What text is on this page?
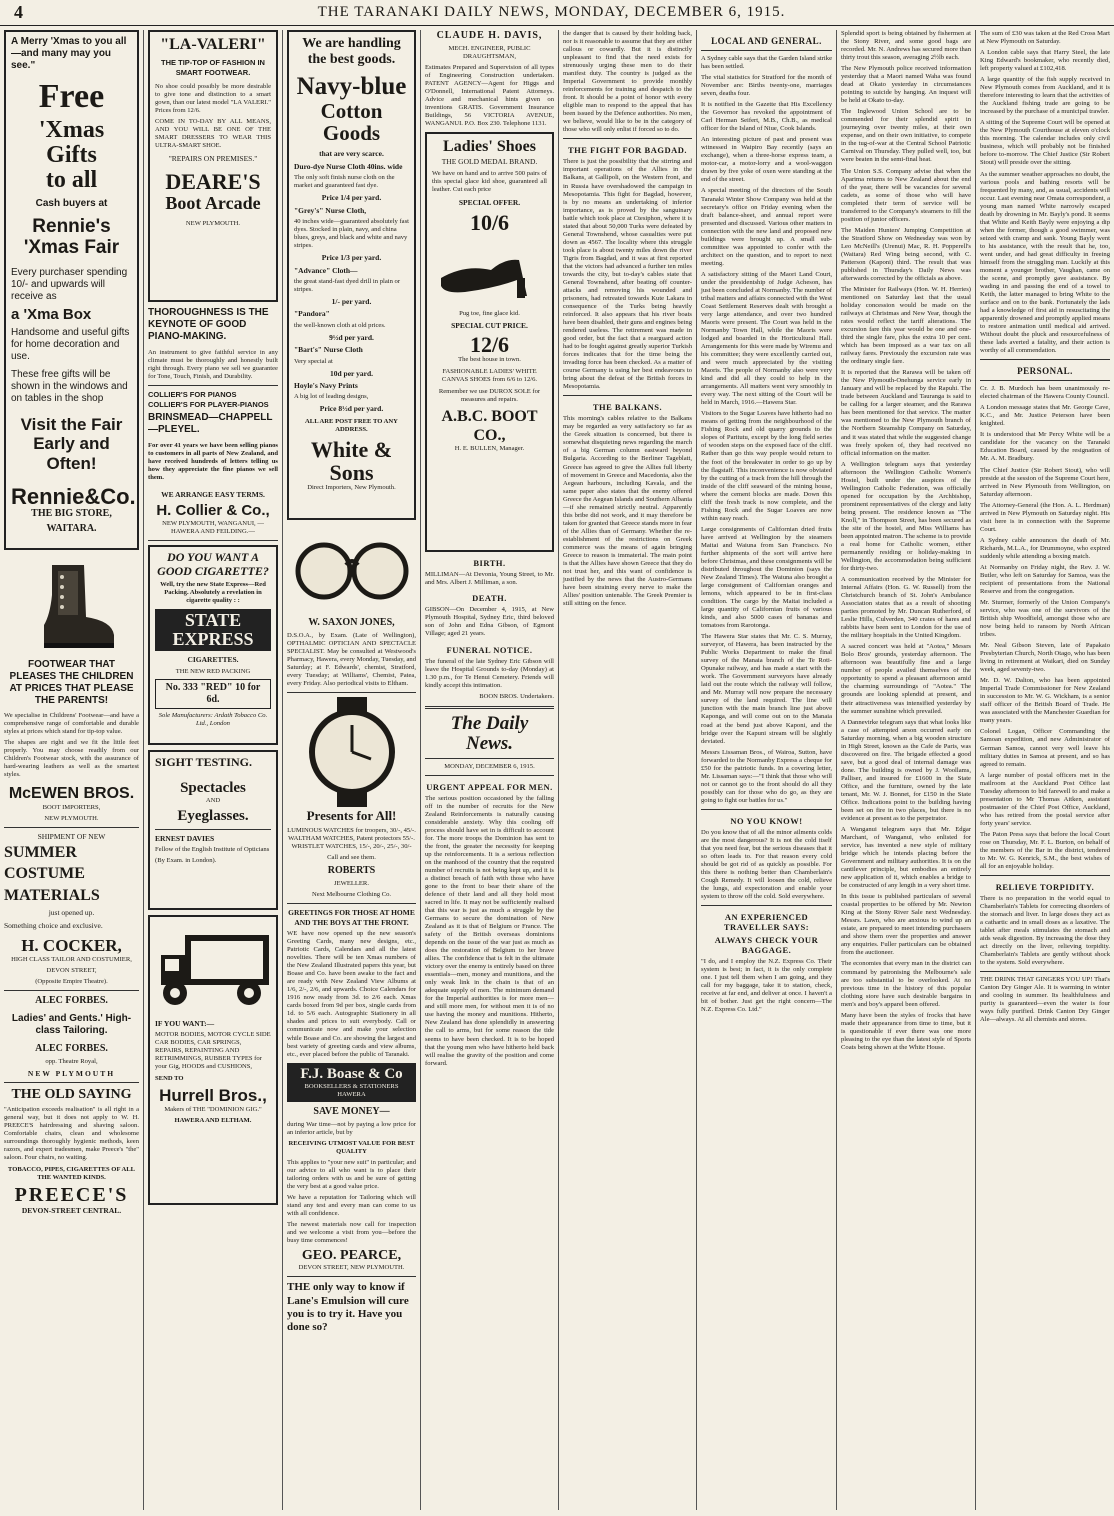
4	THE TARANAKI DAILY NEWS, MONDAY, DECEMBER 6, 1915.

A Merry 'Xmas to you all—and many may you see."

Free
'Xmas Gifts
to all

Cash buyers at

Rennie's
'Xmas Fair

Every purchaser spending 10/- and upwards will receive as

a 'Xma Box

Handsome and useful gifts for home decoration and use.

These free gifts will be shown in the windows and on tables in the shop

Visit the Fair
Early and Often!
Rennie&Co.

THE BIG STORE,

WAITARA.

FOOTWEAR THAT PLEASES THE CHILDREN AT PRICES THAT PLEASE THE PARENTS!

We specialise in Childrens' Footwear—and have a comprehensive range of comfortable and durable styles at prices which stand for tip-top value.

The shapes are right and we fit the little feet properly. You may choose readily from our Children's Footwear stock, with the assurance of hard-wearing leathers as well as the smartest styles.

McEWEN BROS.

BOOT IMPORTERS,

NEW PLYMOUTH.

SHIPMENT OF NEW

SUMMER

COSTUME

MATERIALS

just opened up.

Something choice and exclusive.

H. COCKER,

HIGH CLASS TAILOR AND COSTUMIER,

DEVON STREET,

(Opposite Empire Theatre).

ALEC FORBES.

Ladies' and Gents.' High-class Tailoring.

ALEC FORBES.

opp. Theatre Royal,

NEW PLYMOUTH

THE OLD SAYING

"Anticipation exceeds realisation" is all right in a general way, but it does not apply to W. H. PREECE'S hairdressing and shaving saloon. Comfortable chairs, clean and wholesome surroundings thoroughly hygienic methods, keen razors, and expert tradesmen, make Preece's "the" saloon. Four chairs, no waiting.

TOBACCO, PIPES, CIGARETTES OF ALL THE WANTED KINDS.

PREECE'S

DEVON-STREET CENTRAL.

"LA-VALERI"

THE TIP-TOP OF FASHION IN SMART FOOTWEAR.

No shoe could possibly be more desirable to give tone and distinction to a smart gown, than our latest model "LA VALERI." Prices from 12/6.

COME IN TO-DAY BY ALL MEANS, AND YOU WILL BE ONE OF THE SMART DRESSERS TO WEAR THIS ULTRA-SMART SHOE.

"REPAIRS ON PREMISES."

DEARE'S
Boot Arcade

NEW PLYMOUTH.

THOROUGHNESS IS THE KEYNOTE OF GOOD PIANO-MAKING.

An instrument to give faithful service in any climate must be thoroughly and honestly built right through. Every piano we sell we guarantee for Tone, Touch, Finish, and Durability.

COLLIER'S FOR PIANOS COLLIER'S FOR PLAYER-PIANOS

BRINSMEAD—CHAPPELL—PLEYEL.

For over 41 years we have been selling pianos to customers in all parts of New Zealand, and have received hundreds of letters telling us how they appreciate the fine pianos we sell them.

WE ARRANGE EASY TERMS.

H. Collier & Co.,

NEW PLYMOUTH, WANGANUI, —HAWERA AND FEILDING.—

DO YOU WANT A GOOD CIGARETTE?

Well, try the new State Express—Red Packing. Absolutely a revelation in cigarette quality : :

STATE EXPRESS

CIGARETTES.

THE NEW RED PACKING

No. 333 "RED" 10 for 6d.

Sole Manufacturers: Ardath Tobacco Co. Ltd., London

SIGHT TESTING.

Spectacles

AND

Eyeglasses.

ERNEST DAVIES

Fellow of the English Institute of Opticians

(By Exam. in London).

IF YOU WANT:—

MOTOR BODIES, MOTOR CYCLE SIDE CAR BODIES, CAR SPRINGS, REPAIRS, REPAINTING AND RETRIMMINGS, RUBBER TYPES for your Gig, HOODS and CUSHIONS,

SEND TO

Hurrell Bros.,

Makers of THE "DOMINION GIG."

HAWERA AND ELTHAM.

We are handling the best goods.
Navy-blue
Cotton Goods

that are very scarce.

Duro-dye Nurse Cloth 40ins. wide

The only soft finish nurse cloth on the market and guaranteed fast dye.

Price 1/4 per yard.

"Grey's" Nurse Cloth,

40 inches wide—guaranteed absolutely fast dyes. Stocked in plain, navy, and china blues, greys, and black and white and navy stripes.

Price 1/3 per yard.

"Advance" Cloth—

the great stand-fast dyed drill in plain or stripes.

1/- per yard.

"Pandora"

the well-known cloth at old prices.

9½d per yard.

"Bart's" Nurse Cloth

Very special at

10d per yard.

Hoyle's Navy Prints

A big lot of leading designs,

Price 8½d per yard.

ALL ARE POST FREE TO ANY ADDRESS.

White & Sons

Direct Importers, New Plymouth.

W. SAXON JONES,

D.S.O.A., by Exam. (Late of Wellington), OPTHALMIC OPTICIAN AND SPECTACLE SPECIALIST. May be consulted at Westwood's Pharmacy, Hawera, every Monday, Tuesday, and Saturday; at F. Edwards', chemist, Stratford, every Tuesday; at Williams', Chemist, Patea, every Friday. Also periodical visits to Eltham.

Presents for All!

LUMINOUS WATCHES for troopers, 30/-, 45/-. WALTHAM WATCHES, Patent protectors 55/-. WRISTLET WATCHES, 15/-, 20/-, 25/-, 30/-

Call and see them.

ROBERTS

JEWELLER.

Next Melbourne Clothing Co.

GREETINGS FOR THOSE AT HOME AND THE BOYS AT THE FRONT.

WE have now opened up the new season's Greeting Cards, many new designs, etc., Patriotic Cards, Calendars and all the latest novelties. There will be ten Xmas numbers of the New Zealand Illustrated papers this year, but Boase and Co. have been awake to the fact and are ready with New Zealand View Albums at 1/6, 2/-, 2/6, and upwards. Choice Calendars for 1916 now ready from 3d. to 2/6 each. Xmas cards boxed from 9d per box, single cards from 1d. to 5/6 each. Autographic Stationery in all shades and prices to suit everybody. Call or communicate now and make your selection while Boase and Co. are showing the largest and best variety of greeting cards and view albums, etc., ever placed before the public of Taranaki.

F.J. Boase & Co
BOOKSELLERS & STATIONERS HAWERA

SAVE MONEY—

during War time—not by paying a low price for an inferior article, but by

RECEIVING UTMOST VALUE FOR BEST QUALITY

This applies to "your new suit" in particular; and our advice to all who want is to place their tailoring orders with us and be sure of getting the very best at a good value price.

We have a reputation for Tailoring which will stand any test and every man can come to us with all confidence.

The newest materials now call for inspection and we welcome a visit from you—before the busy time commences!

GEO. PEARCE,

DEVON STREET, NEW PLYMOUTH.

THE only way to know if Lane's Emulsion will cure you is to try it. Have you done so?

CLAUDE H. DAVIS,

MECH. ENGINEER, PUBLIC DRAUGHTSMAN,

Estimates Prepared and Supervision of all types of Engineering Construction undertaken. PATENT AGENCY—Agent for Higgs and O'Donnell, International Patent Attorneys. Advice and mechanical hints given on inventions GRATIS. Government Insurance Buildings, 56 VICTORIA AVENUE, WANGANUI. P.O. Box 230. Telephone 1131.

Ladies' Shoes

THE GOLD MEDAL BRAND.

We have on hand and to arrive 500 pairs of this special glace kid shoe, guaranteed all leather. Cut each price

SPECIAL OFFER.

10/6

Pug toe, fine glace kid.

SPECIAL CUT PRICE.

12/6

The best house in town.

FASHIONABLE LADIES' WHITE CANVAS SHOES from 6/6 to 12/6.

Remember we use DUROX SOLE for measures and repairs.

A.B.C. BOOT CO.,

H. E. BULLEN, Manager.

BIRTH.

MILLIMAN—At Devonia, Young Street, to Mr. and Mrs. Albert J. Milliman, a son.

DEATH.

GIBSON—On December 4, 1915, at New Plymouth Hospital, Sydney Eric, third beloved son of John and Edna Gibson, of Egmont Village; aged 21 years.

FUNERAL NOTICE.

The funeral of the late Sydney Eric Gibson will leave the Hospital Grounds to-day (Monday) at 1.30 p.m., for Te Henui Cemetery. Friends will kindly accept this intimation.

BOON BROS. Undertakers.

The Daily News.

MONDAY, DECEMBER 6, 1915.

URGENT APPEAL FOR MEN.

The serious position occasioned by the falling off in the number of recruits for the New Zealand Reinforcements is naturally causing considerable anxiety. Why this cooling off process should have set in is difficult to account for. The more troops the Dominion has sent to the front, the greater the necessity for keeping up the reinforcements. It is a serious reflection on the manhood of the country that the required number of recruits is not being kept up, and it is a distinct breach of faith with those who have gone to the front to bear their share of the defence of their land and all they hold most sacred in life. It may not be sufficiently realised that this war is just as much a struggle by the Germans to secure the domination of New Zealand as it is that of Belgium or France. The safety of the British overseas dominions depends on the issue of the war just as much as does the restoration of Belgium to her brave allies. The confidence that is felt in the ultimate victory over the enemy is entirely based on three essentials—men, money and munitions, and the only weak link in the chain is that of an adequate supply of men. The minimum demand for the Imperial authorities is for more men—and still more men, for without men it is of no use having the money and munitions. Hitherto, New Zealand has done splendidly in answering the call to arms, but for some reason the tide seems to have been checked. It is to be hoped that the young men who have hitherto held back will realise the gravity of the position and come forward.

the danger that is caused by their holding back, nor is it reasonable to assume that they are either callous or cowardly. But it is distinctly unpleasant to find that the need exists for strenuously urging these men to do their manifest duty. The country is judged as the Imperial Government to provide monthly reinforcements for training and despatch to the front. It should be a point of honor with every eligible man to respond to the appeal that has been issued by the Defence authorities. No men, we believe, would like to be in the category of those who will only enlist if forced so to do.

THE FIGHT FOR BAGDAD.

There is just the possibility that the stirring and important operations of the Allies in the Balkans, at Gallipoli, on the Western front, and in Russia have overshadowed the campaign in Mesopotamia. This fight for Bagdad, however, is by no means an undertaking of inferior importance, as is proved by the sanguinary battle which took place at Ctesiphon, where it is stated that about 50,000 Turks were defeated by General Townshend, whose casualties were put down as 4567. The locality where this struggle took place is about twenty miles down the river Tigris from Bagdad, and it was at first reported that the victors had advanced a further ten miles towards the city, but to-day's cables state that General Townshend, after beating off counter-attacks and removing his wounded and prisoners, had retreated towards Kute Lakara in consequence of the Turks being heavily reinforced. It also appears that his river boats have been disabled, their guns and engines being rendered useless. The retirement was made in good order, but the fact that a rearguard action had to be fought against greatly superior Turkish forces indicates that for the time being the invading force has been checked. As a matter of course Germany is using her best endeavours to bring about the defeat of the British forces in Mesopotamia.

THE BALKANS.

This morning's cables relative to the Balkans may be regarded as very satisfactory so far as the Greek situation is concerned, but there is somewhat disquieting news regarding the march of a big German column eastward beyond Bulgaria. According to the Berliner Tageblatt, Greece has agreed to give the Allies full liberty of movement in Greece and Macedonia, also the Aegean harbours, including Kavala, and the same paper also states that the enemy offered Greece the Aegean Islands and Southern Albania—if she remained strictly neutral. Apparently this bribe did not work, and it may therefore be taken for granted that Greece stands more in fear of the Allies than of Germany. Whether the re-establishment of the restrictions on Greek commerce was the means of again bringing Greece to reason is immaterial. The main point is that the Allies have shown Greece that they do not trust her, and this want of confidence is justified by the news that the Austro-Germans have been straining every nerve to make the Allies' position untenable. The Greek Premier is still sitting on the fence.

LOCAL AND GENERAL.

A Sydney cable says that the Garden Island strike has been settled.

The vital statistics for Stratford for the month of November are: Births twenty-one, marriages seven, deaths four.

It is notified in the Gazette that His Excellency the Governor has revoked the appointment of Carl Herman Seifert, M.B., Ch.B., as medical officer for the Island of Niue, Cook Islands.

An interesting picture of past and present was witnessed in Waipiro Bay recently (says an exchange), when a three-horse express team, a motor-car, a motor-lorry and a wool-waggon drawn by five yoke of oxen were standing at the end of the street.

A special meeting of the directors of the South Taranaki Winter Show Company was held at the secretary's office on Friday evening when the draft balance-sheet, and annual report were presented and discussed. Various other matters in connection with the new land and proposed new buildings were brought up. A small sub-committee was appointed to confer with the architect on the question, and to report to next meeting.

A satisfactory sitting of the Maori Land Court, under the presidentship of Judge Acheson, has just been concluded at Normanby. The number of tribal matters and affairs connected with the West Coast Settlement Reserves dealt with brought a very large attendance, and over two hundred Maoris were present. The Court was held in the Normanby Town Hall, while the Maoris were lodged and boarded in the Horticultural Hall. Arrangements for this were made by Wiremu and his committee; they were excellently carried out, and were much appreciated by the visiting Maoris. The people of Normanby also were very kind and did all they could to help in the arrangements. All matters went very smoothly in every way. The next sitting of the Court will be held in March, 1916.—Hawera Star.

Visitors to the Sugar Loaves have hitherto had no means of getting from the neighbourhood of the Fishing Rock and old quarry grounds to the slopes of Paritutu, except by the long field series of wooden steps on the exposed face of the cliff. Rather than go this way people would return to the foot of the breakwater in order to go up by the flagstaff. This inconvenience is now obviated by the cutting of a track from the hill through the inside of the cliff seaward of the mining house, where the cement blocks are made. Down this cliff the fresh track is now complete, and the Fishing Rock and the Sugar Loaves are now within easy reach.

Large consignments of Californian dried fruits have arrived at Wellington by the steamers Maitai and Waiuna from San Francisco. No further shipments of the sort will arrive here before Christmas, and these consignments will be distributed throughout the Dominion (says the New Zealand Times). The Waiuna also brought a large consignment of Californian oranges and lemons, which appeared to be in first-class condition. The cargo by the Maitai included a large quantity of Californian fruits of various kinds, and also 5000 cases of bananas and tomatoes from Rarotonga.

The Hawera Star states that Mr. C. S. Murray, surveyor, of Hawera, has been instructed by the Public Works Department to make the final survey of the Manaia branch of the Te Roti-Opunake railway, and has made a start with the work. The Government surveyors have already laid out the route which the railway will follow, and Mr. Murray will now prepare the necessary survey of the land required. The line will junction with the main branch line just above Kaponga, and will come out on to the Manaia road at the bend just above Kaponi, and the bridge over the Kapuni stream will be slightly deviated.

Messrs Lissaman Bros., of Wairoa, Sutton, have forwarded to the Normanby Express a cheque for £50 for the patriotic funds. In a covering letter, Mr. Lissaman says:—"I think that those who will not or cannot go to the front should do all they possibly can for those who do go, as they are going to fight our battles for us."

NO YOU KNOW!

Do you know that of all the minor ailments colds are the most dangerous? It is not the cold itself that you need fear, but the serious diseases that it so often leads to. For that reason every cold should be got rid of as quickly as possible. For this there is nothing better than Chamberlain's Cough Remedy. It will loosen the cold, relieve the lungs, aid expectoration and enable your system to throw off the cold. Sold everywhere.

AN EXPERIENCED TRAVELLER SAYS:

ALWAYS CHECK YOUR BAGGAGE.

"I do, and I employ the N.Z. Express Co. Their system is best; in fact, it is the only complete one. I just tell them when I am going, and they call for my baggage, take it to station, check, receive at far end, and deliver at once. I haven't a bit of bother. Just get the right concern—The N.Z. Express Co. Ltd."

Splendid sport is being obtained by fishermen at the Stony River, and some good bags are recorded. Mr. N. Andrews has secured more than thirty trout this season, averaging 2½lb each.

The New Plymouth police received information yesterday that a Maori named Waha was found dead at Okato yesterday in circumstances pointing to suicide by hanging. An inquest will be held at Okato to-day.

The Inglewood Union School are to be commended for their splendid spirit in journeying over twenty miles, at their own expense, and on their own initiative, to compete in the tug-of-war at the Central School Patriotic Carnival on Thursday. They pulled well, too, but were beaten in the semi-final heat.

The Union S.S. Company advise that when the Aparima returns to New Zealand about the end of the year, there will be vacancies for several cadets, as some of those who will have completed their term of service will be transferred to the Company's steamers to fill the position of junior officers.

The Maiden Hunters' Jumping Competition at the Stratford Show on Wednesday was won by Leo McNeill's (Urenui) Mac, R. H. Popperell's (Waitara) Red Wing being second, with C. Patterson (Kaponi) third. The result that was published in Thursday's Daily News was afterwards corrected by the officials as above.

The Minister for Railways (Hon. W. H. Herries) mentioned on Saturday last that the usual holiday concession would be made on the railways at Christmas and New Year, though the rates would reflect the tariff alterations. The excursion fare this year would be one and one-third the single fare, plus the extra 10 per cent. which has been imposed as a war tax on all railway fares. Previously the excursion rate was the ordinary single fare.

It is reported that the Rarawa will be taken off the New Plymouth-Onehunga service early in January and will be replaced by the Rapuhi. The trade between Auckland and Tauranga is said to be calling for a larger steamer, and the Rarawa has been mentioned for that service. The matter was mentioned to the New Plymouth branch of the Northern Steamship Company on Saturday, and it was stated that while the suggested change was freely spoken of, they had received no official information on the matter.

A Wellington telegram says that yesterday afternoon the Wellington Catholic Women's Hostel, built under the auspices of the Wellington Catholic Federation, was officially opened for occupation by the Archbishop, prominent representatives of the clergy and laity being present. The residence known as "The Knoll," in Thompson Street, has been secured as the site of the hostel, and Miss Williams has been appointed matron. The scheme is to provide a real home for Catholic women, either permanently residing or holiday-making in Wellington, the accommodation being sufficient for thirty-two.

A communication received by the Minister for Internal Affairs (Hon. G. W. Russell) from the Christchurch branch of St. John's Ambulance Association states that as a result of shooting parties promoted by Mr. Duncan Rutherford, of Leslie Hills, Culverden, 340 crates of hares and rabbits have been sent to London for the use of the military hospitals in the United Kingdom.

A sacred concert was held at "Aotea," Messrs Bolo Bros' grounds, yesterday afternoon. The afternoon was beautifully fine and a large number of people availed themselves of the opportunity to spend a pleasant afternoon amid the charming surroundings of "Aotea." The grounds are looking splendid at present, and their attractiveness was intensified yesterday by the summer sunshine which prevailed.

A Dannevirke telegram says that what looks like a case of attempted arson occurred early on Saturday morning, when a big wooden structure in High Street, known as the Cafe de Paris, was discovered on fire. The brigade effected a good save, but a good deal of internal damage was done. The building is owned by J. Woollams, Palliser, and insured for £1600 in the State Office, and the furniture, owned by the late tenant, Mr. W. J. Bonnet, for £150 in the State Office. Indications point to the building having been set on fire in two places, but there is no evidence at present as to the perpetrator.

A Wanganui telegram says that Mr. Edgar Marchant, of Wanganui, who enlisted for service, has invented a new style of military bridge which he intends placing before the Government and military authorities. It is on the cantilever principle, but embodies an entirely new application of it, which enables a bridge to be constructed of any length in a very short time.

In this issue is published particulars of several coastal properties to be offered by Mr. Newton King at the Stony River Sale next Wednesday. Messrs. Lawn, who are anxious to wind up an estate, are prepared to meet intending purchasers and show them over the properties and answer any enquiries. Fuller particulars can be obtained from the auctioneer.

The economies that every man in the district can command by patronising the Melbourne's sale are too substantial to be overlooked. At no previous time in the history of this popular clothing store have such desirable bargains in men's and boy's apparel been offered.

Many have been the styles of frocks that have made their appearance from time to time, but it is questionable if ever there was one more pleasing to the eye than the latest style of Sports Coats being shown at the White House.

The sum of £30 was taken at the Red Cross Mart at New Plymouth on Saturday.

A London cable says that Harry Steel, the late King Edward's bookmaker, who recently died, left property valued at £102,418.

A large quantity of the fish supply received in New Plymouth comes from Auckland, and it is therefore interesting to learn that the activities of the Auckland fishing trade are going to be increased by the purchase of a municipal trawler.

A sitting of the Supreme Court will be opened at the New Plymouth Courthouse at eleven o'clock this morning. The calendar includes only civil business, which will probably not be finished before to-morrow. The Chief Justice (Sir Robert Stout) will preside over the sitting.

As the summer weather approaches no doubt, the various pools and bathing resorts will be frequented by many, and, as usual, accidents will occur. Last evening near Omata correspondent, a young man named White narrowly escaped death by drowning in Mr. Bayly's pond. It seems that White and Keith Bayly were enjoying a dip when the former, though a good swimmer, was seized with cramp and sank. Young Bayly went to his assistance, with the result that he, too, went under, and had great difficulty in freeing himself from the struggling man. Luckily at this moment a younger brother, Vaughan, came on the scene, and promptly gave assistance. By wading in and passing the end of a towel to Keith, the latter managed to bring White to the surface and on to the bank. Fortunately the lads had a knowledge of first aid in resuscitating the apparently drowned and promptly applied means to restore animation until medical aid arrived. Without doubt the pluck and resourcefulness of these lads averted a fatality, and their action is worthy of all commendation.

PERSONAL.

Cr. J. B. Murdoch has been unanimously re-elected chairman of the Hawera County Council.

A London message states that Mr. George Cave, K.C., and Mr. Justice Peterson have been knighted.

It is understood that Mr Percy White will be a candidate for the vacancy on the Taranaki Education Board, caused by the resignation of Mr. A. M. Bradbury.

The Chief Justice (Sir Robert Stout), who will preside at the session of the Supreme Court here, arrived in New Plymouth from Wellington, on Saturday afternoon.

The Attorney-General (the Hon. A. L. Herdman) arrived in New Plymouth on Saturday night. His visit here is in connection with the Supreme Court.

A Sydney cable announces the death of Mr. Richards, M.L.A., for Drummoyne, who expired suddenly while attending a boxing match.

At Normanby on Friday night, the Rev. J. W. Butler, who left on Saturday for Samoa, was the recipient of presentations from the National Reserve and from the congregation.

Mr. Sturmer, formerly of the Union Company's service, who was one of the survivors of the British ship Woodfield, amongst those who are now being held to ransom by North African tribes.

Mr. Neal Gibson Steven, late of Papakaio Presbyterian Church, North Otago, who has been living in retirement at Waikari, died on Sunday week, aged seventy-two.

Mr. D. W. Dalton, who has been appointed Imperial Trade Commissioner for New Zealand in succession to Mr. W. G. Wickham, is a senior staff officer of the British Board of Trade. He was associated with the Manchester Guardian for many years.

Colonel Logan, Officer Commanding the Samoan expedition, and new Administrator of German Samoa, cannot very well leave his military duties in Samoa at present, and so has agreed to remain.

A large number of postal officers met in the mailroom at the Auckland Post Office last Tuesday afternoon to bid farewell to and make a presentation to Mr Thomas Aitken, assistant postmaster of the Chief Post Office, Auckland, who has retired from the postal service after forty years' service.

The Paton Press says that before the local Court rose on Thursday, Mr. F. L. Burton, on behalf of the members of the Bar in the district, tendered to Mr. W. G. Kenrick, S.M., the best wishes of all for an enjoyable holiday.

RELIEVE TORPIDITY.

There is no preparation in the world equal to Chamberlain's Tablets for correcting disorders of the stomach and liver. In large doses they act as a cathartic and in small doses as a laxative. The tablet after meals stimulates the stomach and aids weak digestion. By increasing the dose they act directly on the liver, relieving torpidity. Chamberlain's Tablets are gently without shock to the system. Sold everywhere.

THE DRINK THAT GINGERS YOU UP! That's Canton Dry Ginger Ale. It is warming in winter and cooling in summer. Its healthfulness and purity is guaranteed—even the water is four ways fully purified. Drink Canton Dry Ginger Ale—always. At all chemists and stores.
